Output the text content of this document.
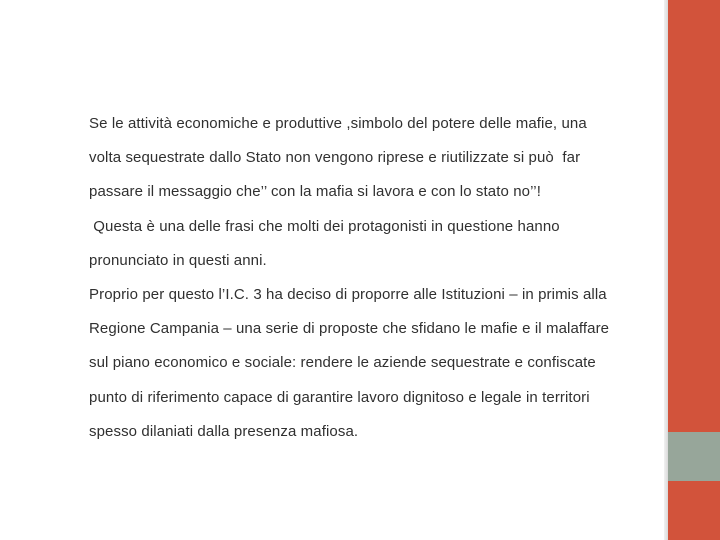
Se le attività economiche e produttive ,simbolo del potere delle mafie, una
volta sequestrate dallo Stato non vengono riprese e riutilizzate si può  far
passare il messaggio che’’ con la mafia si lavora e con lo stato no’’!
Questa è una delle frasi che molti dei protagonisti in questione hanno
pronunciato in questi anni.
Proprio per questo l’I.C. 3 ha deciso di proporre alle Istituzioni – in primis alla
Regione Campania – una serie di proposte che sfidano le mafie e il malaffare
sul piano economico e sociale: rendere le aziende sequestrate e confiscate
punto di riferimento capace di garantire lavoro dignitoso e legale in territori
spesso dilaniati dalla presenza mafiosa.
